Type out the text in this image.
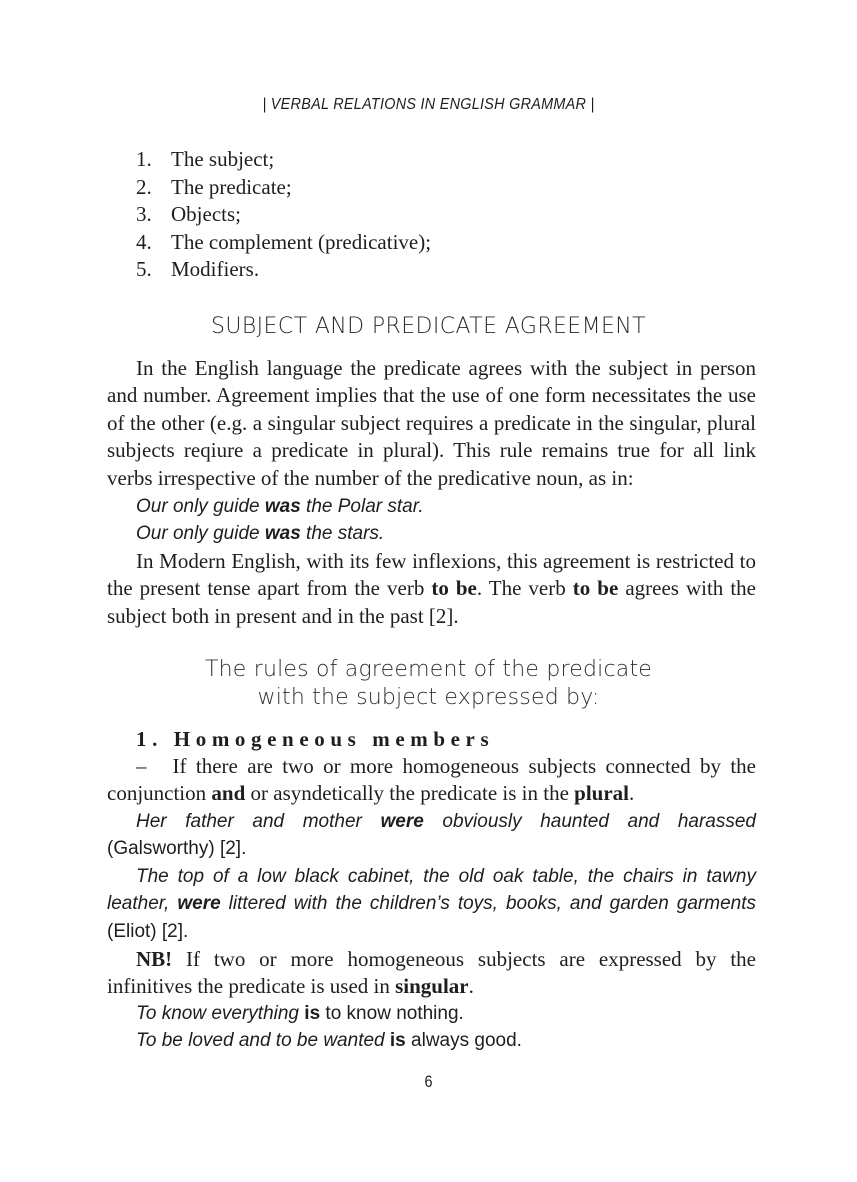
| VERBAL RELATIONS IN ENGLISH GRAMMAR |
1. The subject;
2. The predicate;
3. Objects;
4. The complement (predicative);
5. Modifiers.
SUBJECT AND PREDICATE AGREEMENT
In the English language the predicate agrees with the subject in person and number. Agreement implies that the use of one form necessitates the use of the other (e.g. a singular subject requires a predicate in the singular, plural subjects reqiure a predicate in plural). This rule remains true for all link verbs irrespective of the number of the predicative noun, as in:
Our only guide was the Polar star.
Our only guide was the stars.
In Modern English, with its few inflexions, this agreement is restricted to the present tense apart from the verb to be. The verb to be agrees with the subject both in present and in the past [2].
The rules of agreement of the predicate
with the subject expressed by:
1. Homogeneous members
– If there are two or more homogeneous subjects connected by the conjunction and or asyndetically the predicate is in the plural.
Her father and mother were obviously haunted and harassed (Galsworthy) [2].
The top of a low black cabinet, the old oak table, the chairs in tawny leather, were littered with the children’s toys, books, and garden garments (Eliot) [2].
NB! If two or more homogeneous subjects are expressed by the infinitives the predicate is used in singular.
To know everything is to know nothing.
To be loved and to be wanted is always good.
6
